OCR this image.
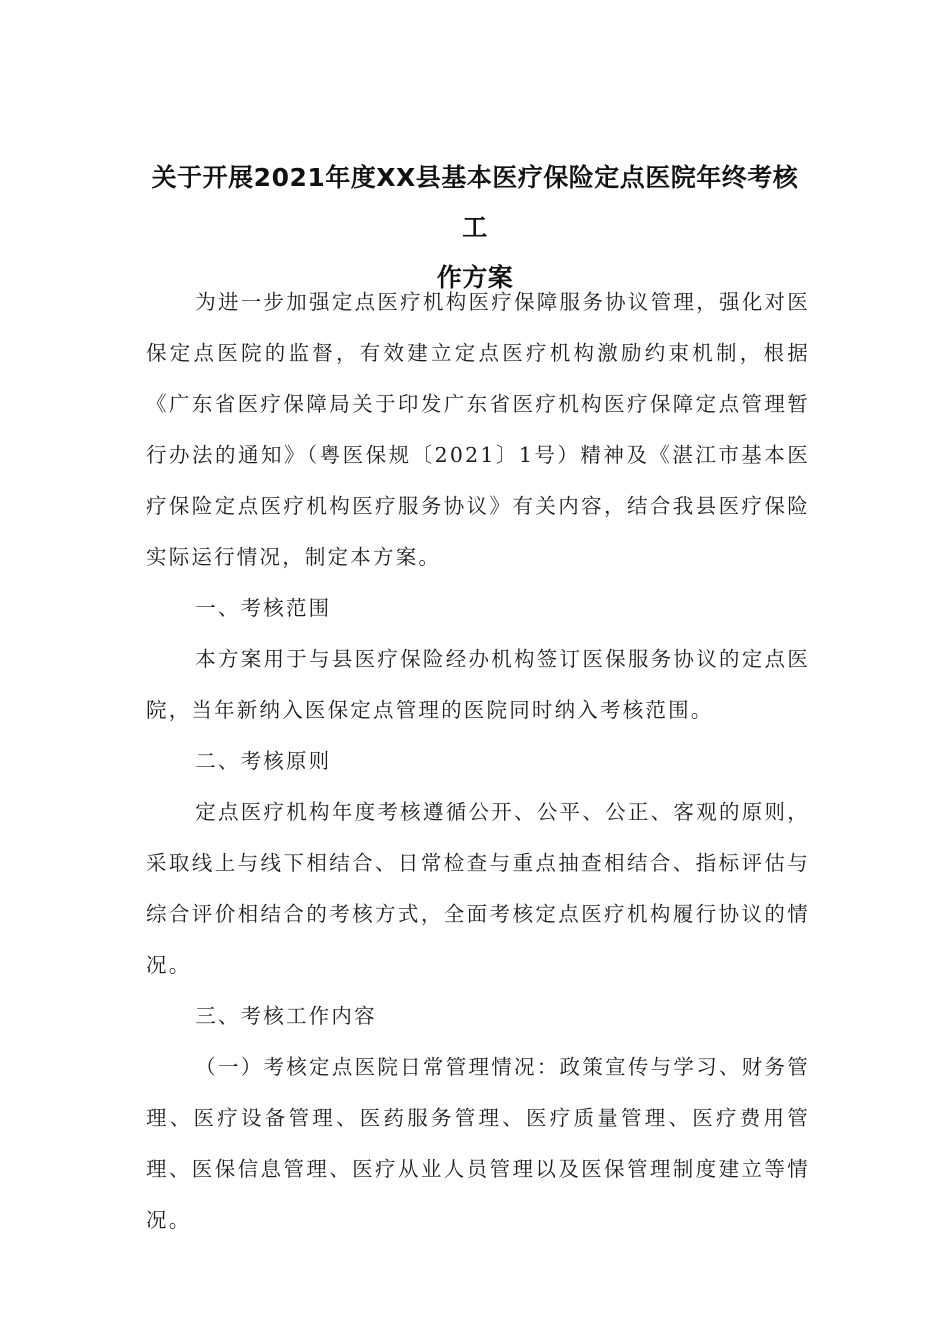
关于开展2021年度XX县基本医疗保险定点医院年终考核工
作方案

为进一步加强定点医疗机构医疗保障服务协议管理，强化对医保定点医院的监督，有效建立定点医疗机构激励约束机制，根据《广东省医疗保障局关于印发广东省医疗机构医疗保障定点管理暂行办法的通知》（粤医保规〔2021〕1号）精神及《湛江市基本医疗保险定点医疗机构医疗服务协议》有关内容，结合我县医疗保险实际运行情况，制定本方案。

一、考核范围

本方案用于与县医疗保险经办机构签订医保服务协议的定点医院，当年新纳入医保定点管理的医院同时纳入考核范围。

二、考核原则

定点医疗机构年度考核遵循公开、公平、公正、客观的原则，采取线上与线下相结合、日常检查与重点抽查相结合、指标评估与综合评价相结合的考核方式，全面考核定点医疗机构履行协议的情况。

三、考核工作内容

（一）考核定点医院日常管理情况：政策宣传与学习、财务管理、医疗设备管理、医药服务管理、医疗质量管理、医疗费用管理、医保信息管理、医疗从业人员管理以及医保管理制度建立等情况。
